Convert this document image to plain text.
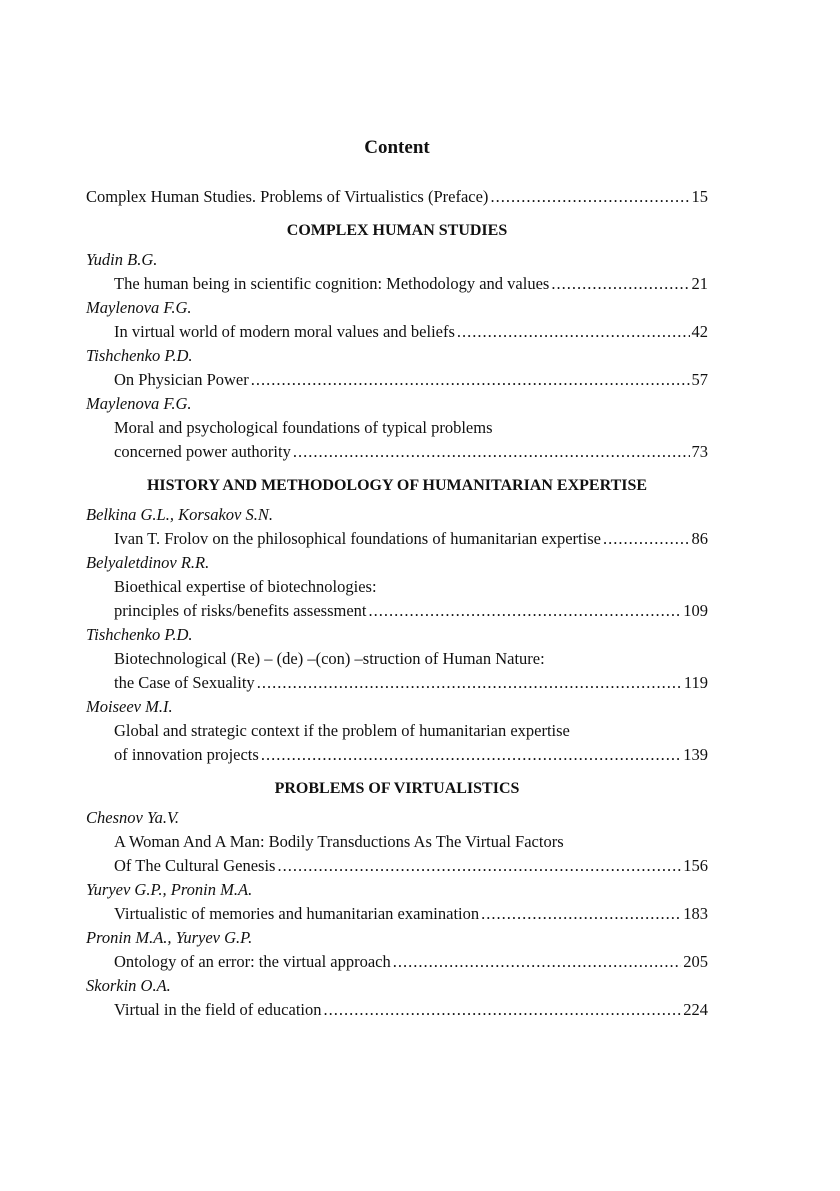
Content
Complex Human Studies. Problems of Virtualistics (Preface) .....	15
COMPLEX HUMAN STUDIES
Yudin B.G.
The human being in scientific cognition: Methodology and values .....	21
Maylenova F.G.
In virtual world of modern moral values and beliefs .....	42
Tishchenko P.D.
On Physician Power .....	57
Maylenova F.G.
Moral and psychological foundations of typical problems
concerned power authority .....	73
HISTORY AND METHODOLOGY OF HUMANITARIAN EXPERTISE
Belkina G.L., Korsakov S.N.
Ivan T. Frolov on the philosophical foundations of humanitarian expertise .....	86
Belyaletdinov R.R.
Bioethical expertise of biotechnologies:
principles of risks/benefits assessment .....	109
Tishchenko P.D.
Biotechnological (Re) – (de) –(con) –struction of Human Nature:
the Case of Sexuality .....	119
Moiseev M.I.
Global and strategic context if the problem of humanitarian expertise
of innovation projects .....	139
PROBLEMS OF VIRTUALISTICS
Chesnov Ya.V.
A Woman And A Man: Bodily Transductions As The Virtual Factors
Of The Cultural Genesis .....	156
Yuryev G.P., Pronin M.A.
Virtualistic of memories and humanitarian examination .....	183
Pronin M.A., Yuryev G.P.
Ontology of an error: the virtual approach .....	205
Skorkin O.A.
Virtual in the field of education .....	224
